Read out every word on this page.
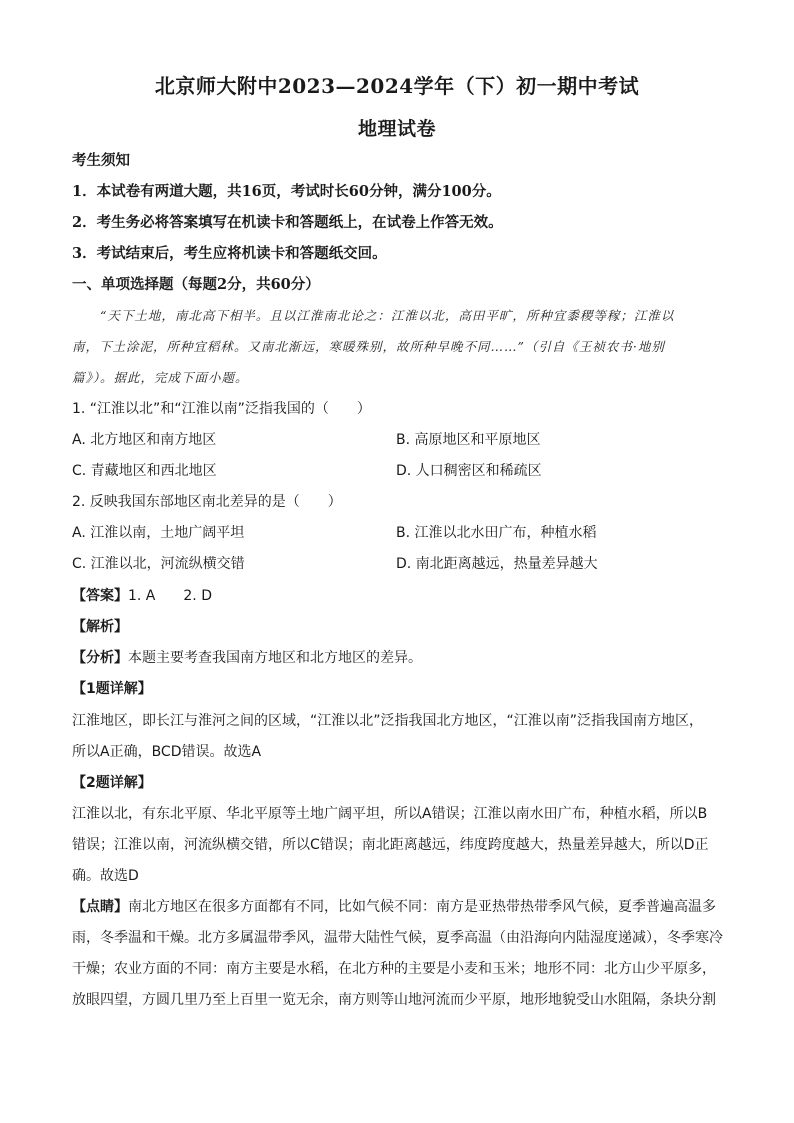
北京师大附中2023—2024学年（下）初一期中考试
地理试卷
考生须知
1．本试卷有两道大题，共16页，考试时长60分钟，满分100分。
2．考生务必将答案填写在机读卡和答题纸上，在试卷上作答无效。
3．考试结束后，考生应将机读卡和答题纸交回。
一、单项选择题（每题2分，共60分）
“天下土地，南北高下相半。且以江淮南北论之：江淮以北，高田平旷，所种宜黍稷等稼；江淮以
南，下土涂泥，所种宜稻秫。又南北渐远，寒暖殊别，故所种早晚不同……”（引自《王祯农书·地别
篇》）。据此，完成下面小题。
1. “江淮以北”和“江淮以南”泛指我国的（　　）
A. 北方地区和南方地区	B. 高原地区和平原地区
C. 青藏地区和西北地区	D. 人口稠密区和稀疏区
2. 反映我国东部地区南北差异的是（　　）
A. 江淮以南，土地广阔平坦	B. 江淮以北水田广布，种植水稻
C. 江淮以北，河流纵横交错	D. 南北距离越远，热量差异越大
【答案】1. A　　2. D
【解析】
【分析】本题主要考查我国南方地区和北方地区的差异。
【1题详解】
江淮地区，即长江与淮河之间的区域，“江淮以北”泛指我国北方地区，“江淮以南”泛指我国南方地区，
所以A正确，BCD错误。故选A
【2题详解】
江淮以北，有东北平原、华北平原等土地广阔平坦，所以A错误；江淮以南水田广布，种植水稻，所以B
错误；江淮以南，河流纵横交错，所以C错误；南北距离越远，纬度跨度越大，热量差异越大，所以D正
确。故选D
【点睛】南北方地区在很多方面都有不同，比如气候不同：南方是亚热带热带季风气候，夏季普遍高温多
雨，冬季温和干燥。北方多属温带季风，温带大陆性气候，夏季高温（由沿海向内陆湿度递减），冬季寒冷
干燥；农业方面的不同：南方主要是水稻，在北方种的主要是小麦和玉米；地形不同：北方山少平原多，
放眼四望，方圆几里乃至上百里一览无余，南方则等山地河流而少平原，地形地貌受山水阻隔，条块分割
